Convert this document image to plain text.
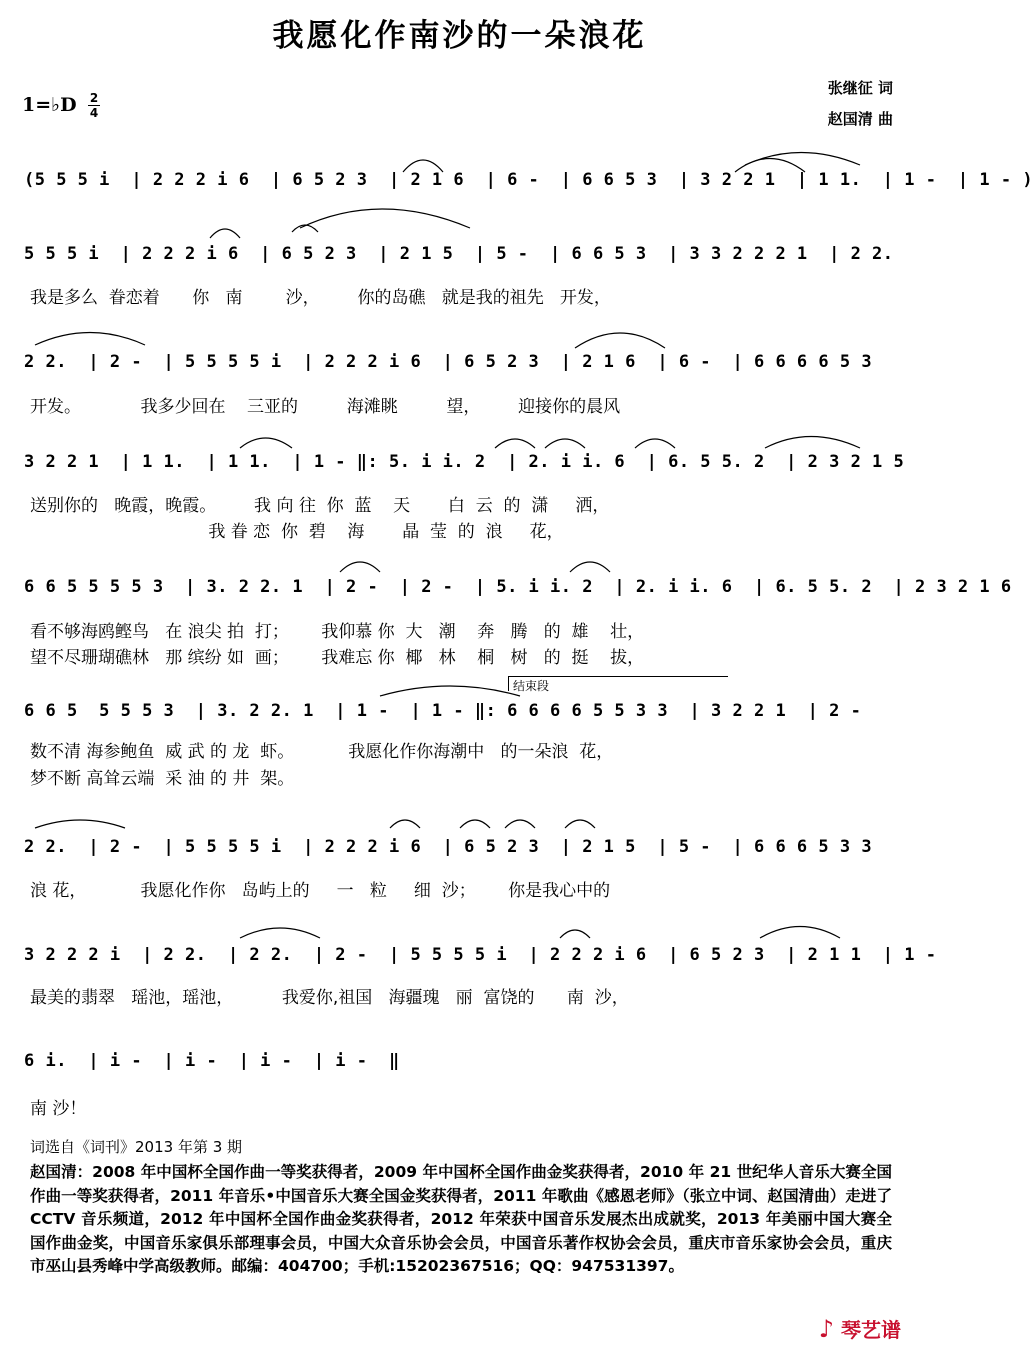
我愿化作南沙的一朵浪花
张继征 词
赵国清 曲
1=♭D 2
4
(5 5 5 i  | 2 2 2 i 6  | 6 5 2 3  | 2 1 6  | 6 -  | 6 6 5 3  | 3 2 2 1  | 1 1.  | 1 -  | 1 - )
5 5 5 i  | 2 2 2 i 6  | 6 5 2 3  | 2 1 5  | 5 -  | 6 6 5 3  | 3 3 2 2 2 1  | 2 2.
我是多么  眷恋着      你   南        沙，       你的岛礁   就是我的祖先   开发，
2 2.  | 2 -  | 5 5 5 5 i  | 2 2 2 i 6  | 6 5 2 3  | 2 1 6  | 6 -  | 6 6 6 6 5 3
开发。           我多少回在    三亚的         海滩眺         望，       迎接你的晨风
3 2 2 1  | 1 1.  | 1 1.  | 1 - ‖: 5. i i. 2  | 2. i i. 6  | 6. 5 5. 2  | 2 3 2 1 5
送别你的   晚霞，晚霞。       我 向 往  你  蓝    天       白  云  的  潇     洒，
我 眷 恋  你  碧    海       晶  莹  的  浪     花，
6 6 5 5 5 5 3  | 3. 2 2. 1  | 2 -  | 2 -  | 5. i i. 2  | 2. i i. 6  | 6. 5 5. 2  | 2 3 2 1 6
看不够海鸥鲣鸟   在 浪尖 拍  打；      我仰慕 你  大   潮    奔   腾   的  雄    壮，
望不尽珊瑚礁林   那 缤纷 如  画；      我难忘 你  椰   林    桐   树   的  挺    拔，
结束段
6 6 5  5 5 5 3  | 3. 2 2. 1  | 1 -  | 1 - ‖: 6 6 6 6 5 5 3 3  | 3 2 2 1  | 2 -
数不清 海参鲍鱼  威 武 的 龙  虾。          我愿化作你海潮中   的一朵浪  花，
梦不断 高耸云端  采 油 的 井  架。
2 2.  | 2 -  | 5 5 5 5 i  | 2 2 2 i 6  | 6 5 2 3  | 2 1 5  | 5 -  | 6 6 6 5 3 3
浪 花，          我愿化作你   岛屿上的     一   粒     细  沙；      你是我心中的
3 2 2 2 i  | 2 2.  | 2 2.  | 2 -  | 5 5 5 5 i  | 2 2 2 i 6  | 6 5 2 3  | 2 1 1  | 1 -
最美的翡翠   瑶池，瑶池，         我爱你,祖国   海疆瑰   丽  富饶的      南  沙，
6 i.  | i -  | i -  | i -  | i -  ‖
南 沙！
词选自《词刊》2013 年第 3 期
赵国清：2008 年中国杯全国作曲一等奖获得者，2009 年中国杯全国作曲金奖获得者，2010 年 21 世纪华人音乐大赛全国作曲一等奖获得者，2011 年音乐•中国音乐大赛全国金奖获得者，2011 年歌曲《感恩老师》（张立中词、赵国清曲）走进了 CCTV 音乐频道，2012 年中国杯全国作曲金奖获得者，2012 年荣获中国音乐发展杰出成就奖，2013 年美丽中国大赛全国作曲金奖，中国音乐家俱乐部理事会员，中国大众音乐协会会员，中国音乐著作权协会会员，重庆市音乐家协会会员，重庆市巫山县秀峰中学高级教师。邮编：404700；手机:15202367516；QQ：947531397。
♪ 琴艺谱
